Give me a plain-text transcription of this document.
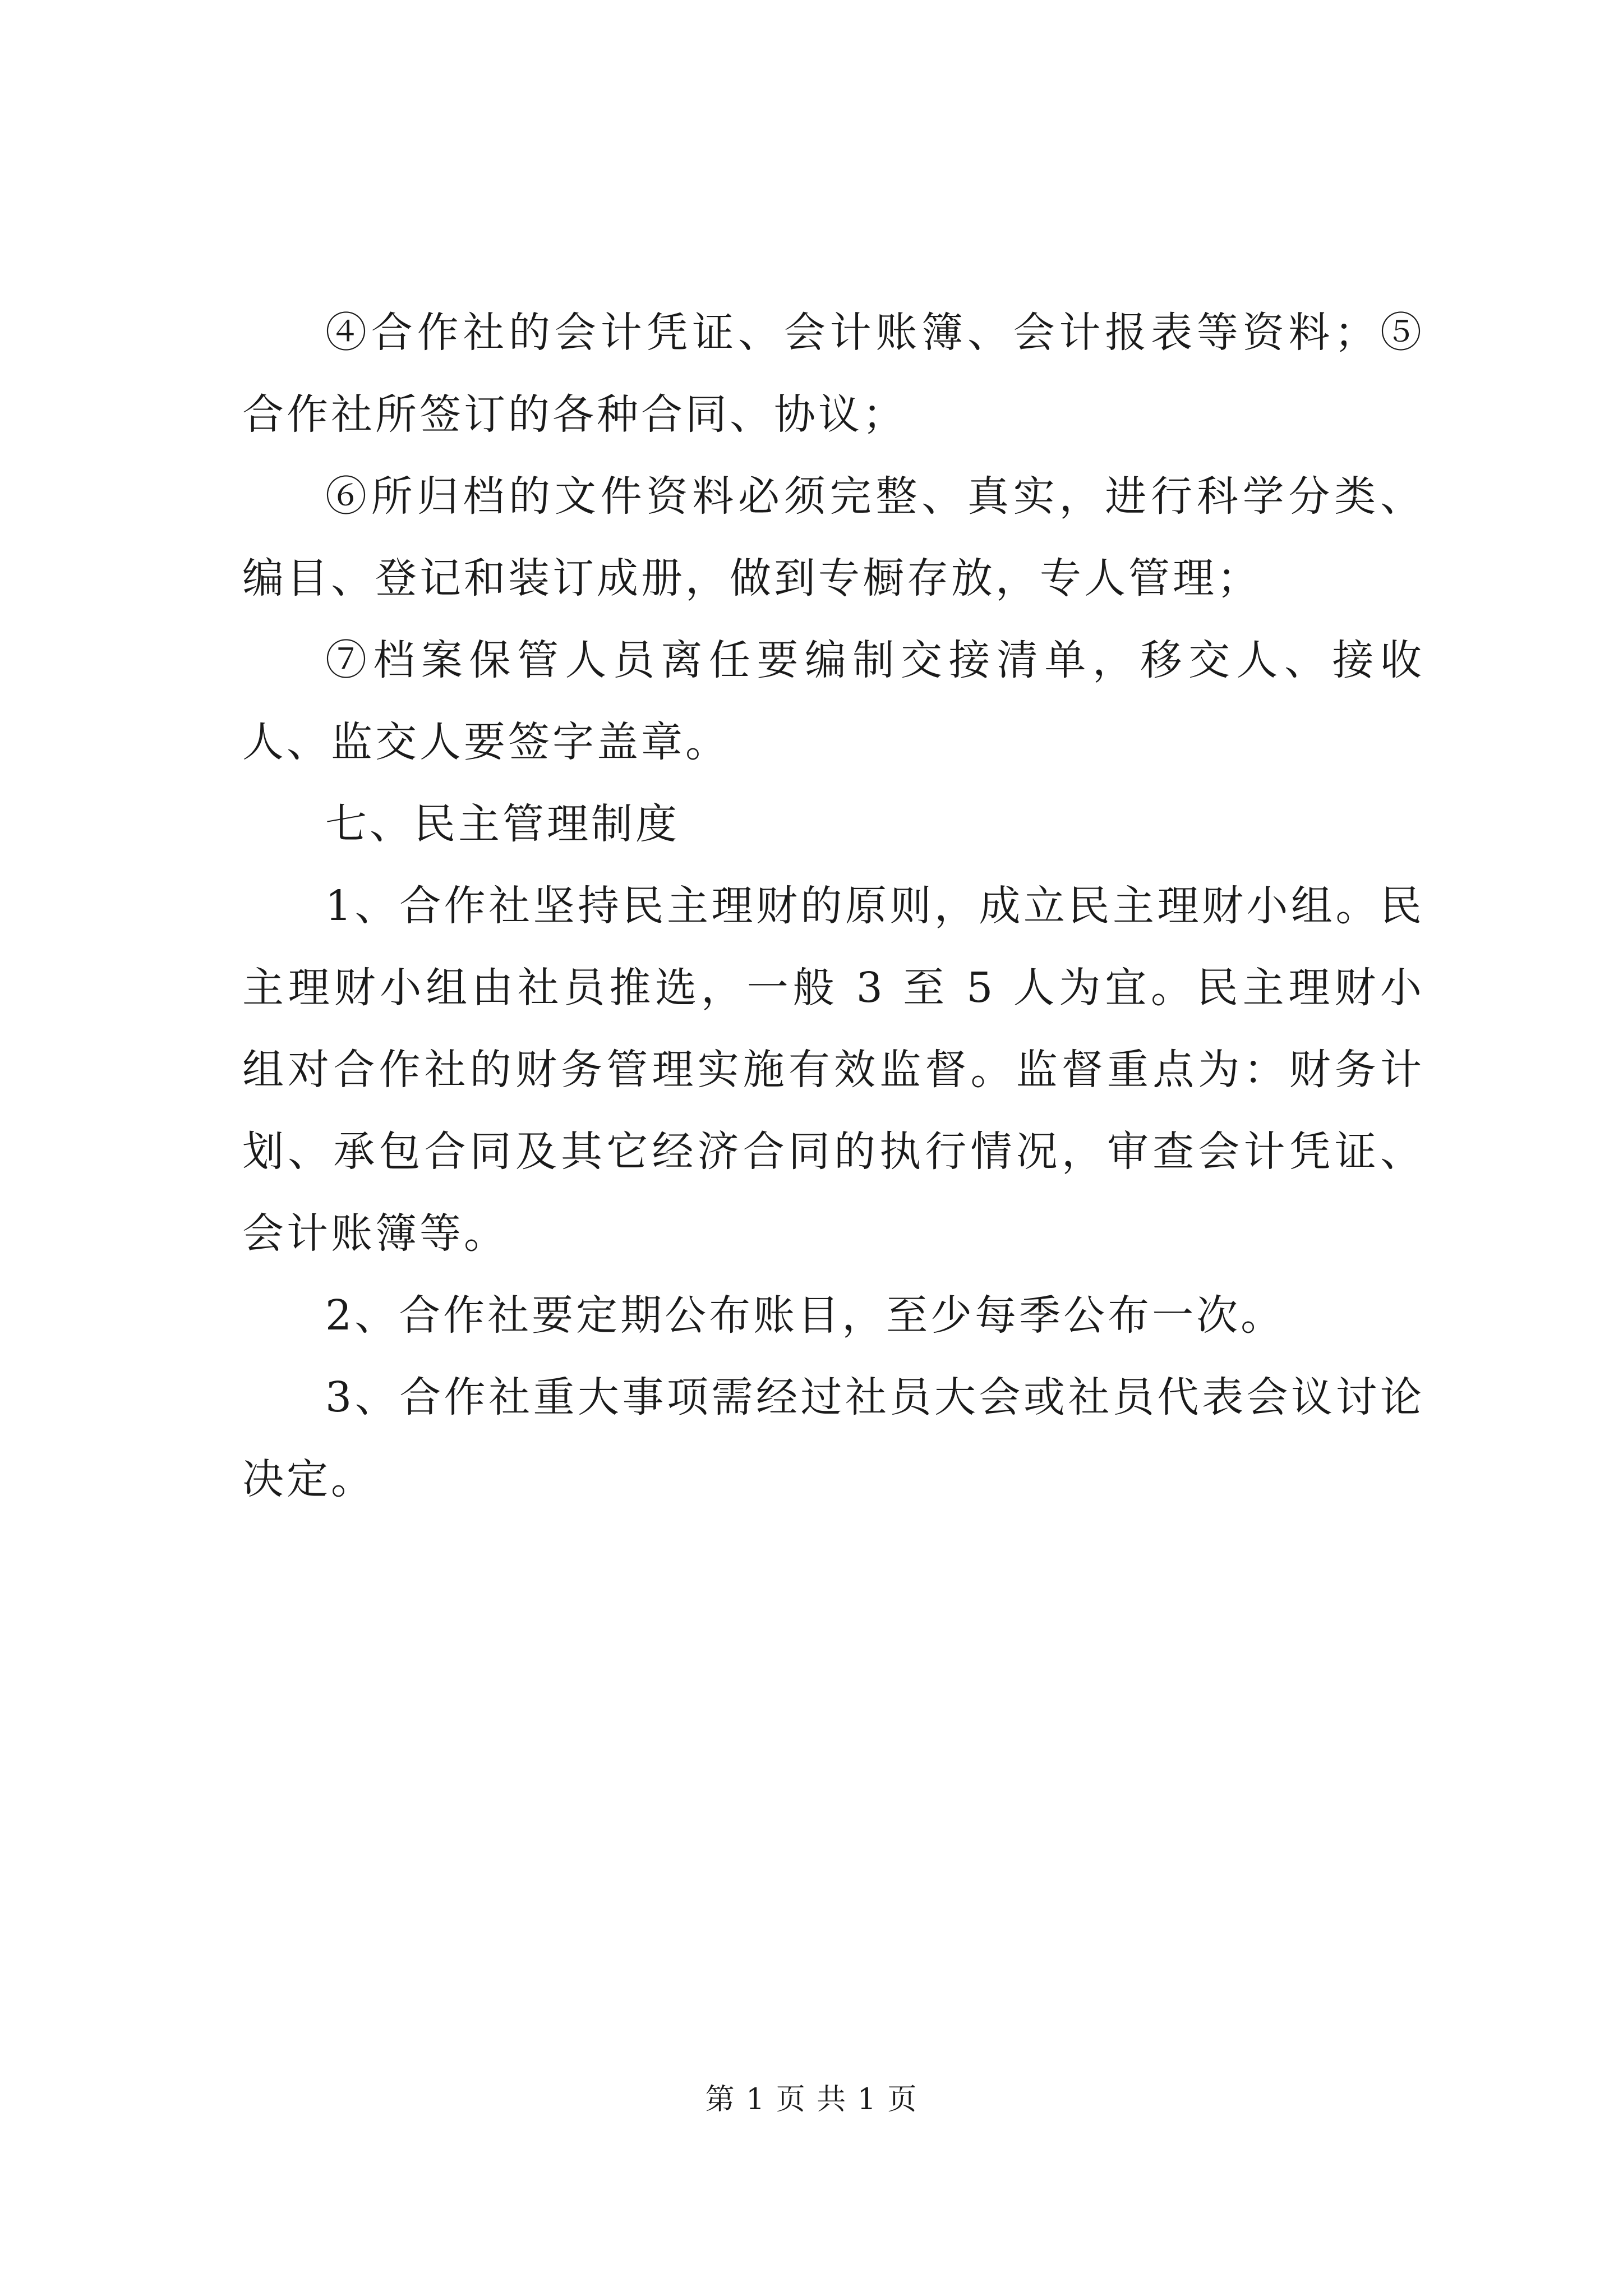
④合作社的会计凭证、会计账簿、会计报表等资料；⑤合作社所签订的各种合同、协议；

⑥所归档的文件资料必须完整、真实，进行科学分类、编目、登记和装订成册，做到专橱存放，专人管理；

⑦档案保管人员离任要编制交接清单，移交人、接收人、监交人要签字盖章。

七、民主管理制度

1、合作社坚持民主理财的原则，成立民主理财小组。民主理财小组由社员推选，一般 3 至 5 人为宜。民主理财小组对合作社的财务管理实施有效监督。监督重点为：财务计划、承包合同及其它经济合同的执行情况，审查会计凭证、会计账簿等。

2、合作社要定期公布账目，至少每季公布一次。

3、合作社重大事项需经过社员大会或社员代表会议讨论决定。

第 1 页 共 1 页
